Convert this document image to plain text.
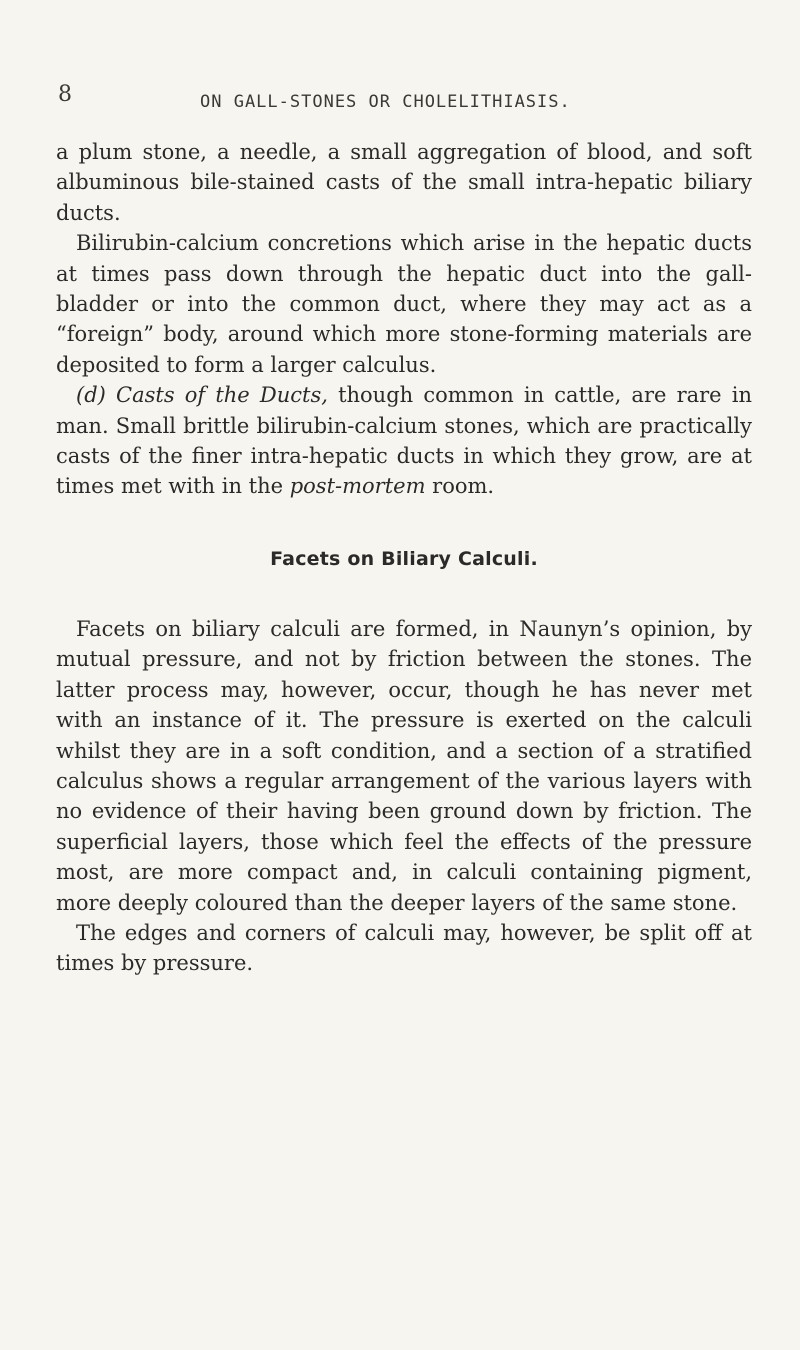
8	ON GALL-STONES OR CHOLELITHIASIS.

a plum stone, a needle, a small aggregation of blood, and soft albuminous bile-stained casts of the small intra-hepatic biliary ducts.

Bilirubin-calcium concretions which arise in the hepatic ducts at times pass down through the hepatic duct into the gall-bladder or into the common duct, where they may act as a “foreign” body, around which more stone-forming materials are deposited to form a larger calculus.

(d) Casts of the Ducts, though common in cattle, are rare in man. Small brittle bilirubin-calcium stones, which are practically casts of the finer intra-hepatic ducts in which they grow, are at times met with in the post-mortem room.

Facets on Biliary Calculi.

Facets on biliary calculi are formed, in Naunyn’s opinion, by mutual pressure, and not by friction between the stones. The latter process may, however, occur, though he has never met with an instance of it. The pressure is exerted on the calculi whilst they are in a soft condition, and a section of a stratified calculus shows a regular arrangement of the various layers with no evidence of their having been ground down by friction. The superficial layers, those which feel the effects of the pressure most, are more compact and, in calculi containing pigment, more deeply coloured than the deeper layers of the same stone.

The edges and corners of calculi may, however, be split off at times by pressure.
